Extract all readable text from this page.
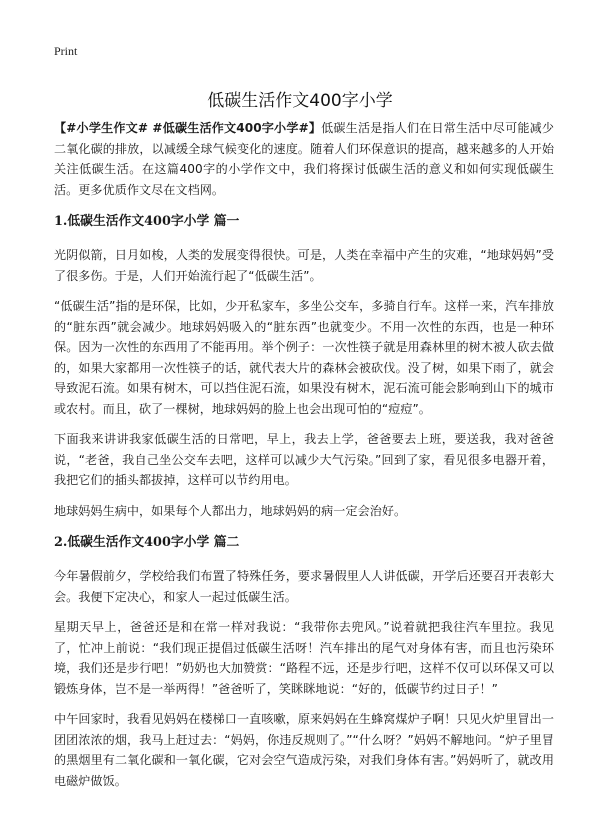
Print
低碳生活作文400字小学

【#小学生作文# #低碳生活作文400字小学#】低碳生活是指人们在日常生活中尽可能减少二氧化碳的排放，以减缓全球气候变化的速度。随着人们环保意识的提高，越来越多的人开始关注低碳生活。在这篇400字的小学作文中，我们将探讨低碳生活的意义和如何实现低碳生活。更多优质作文尽在文档网。

1.低碳生活作文400字小学 篇一

光阴似箭，日月如梭，人类的发展变得很快。可是，人类在幸福中产生的灾难，“地球妈妈”受了很多伤。于是，人们开始流行起了“低碳生活”。

“低碳生活”指的是环保，比如，少开私家车，多坐公交车，多骑自行车。这样一来，汽车排放的“脏东西”就会减少。地球妈妈吸入的“脏东西”也就变少。不用一次性的东西，也是一种环保。因为一次性的东西用了不能再用。举个例子：一次性筷子就是用森林里的树木被人砍去做的，如果大家都用一次性筷子的话，就代表大片的森林会被砍伐。没了树，如果下雨了，就会导致泥石流。如果有树木，可以挡住泥石流，如果没有树木，泥石流可能会影响到山下的城市或农村。而且，砍了一棵树，地球妈妈的脸上也会出现可怕的“痘痘”。

下面我来讲讲我家低碳生活的日常吧，早上，我去上学，爸爸要去上班，要送我，我对爸爸说，“老爸，我自己坐公交车去吧，这样可以减少大气污染。”回到了家，看见很多电器开着，我把它们的插头都拔掉，这样可以节约用电。

地球妈妈生病中，如果每个人都出力，地球妈妈的病一定会治好。

2.低碳生活作文400字小学 篇二

今年暑假前夕，学校给我们布置了特殊任务，要求暑假里人人讲低碳，开学后还要召开表彰大会。我便下定决心，和家人一起过低碳生活。

星期天早上，爸爸还是和在常一样对我说：“我带你去兜风。”说着就把我往汽车里拉。我见了，忙冲上前说：“我们现正提倡过低碳生活呀！汽车排出的尾气对身体有害，而且也污染环境，我们还是步行吧！”奶奶也大加赞赏：“路程不远，还是步行吧，这样不仅可以环保又可以锻炼身体，岂不是一举两得！”爸爸听了，笑眯眯地说：“好的，低碳节约过日子！”

中午回家时，我看见妈妈在楼梯口一直咳嗽，原来妈妈在生蜂窝煤炉子啊！只见火炉里冒出一团团浓浓的烟，我马上赶过去：“妈妈，你违反规则了。”“什么呀？”妈妈不解地问。“炉子里冒的黑烟里有二氧化碳和一氧化碳，它对会空气造成污染，对我们身体有害。”妈妈听了，就改用电磁炉做饭。
